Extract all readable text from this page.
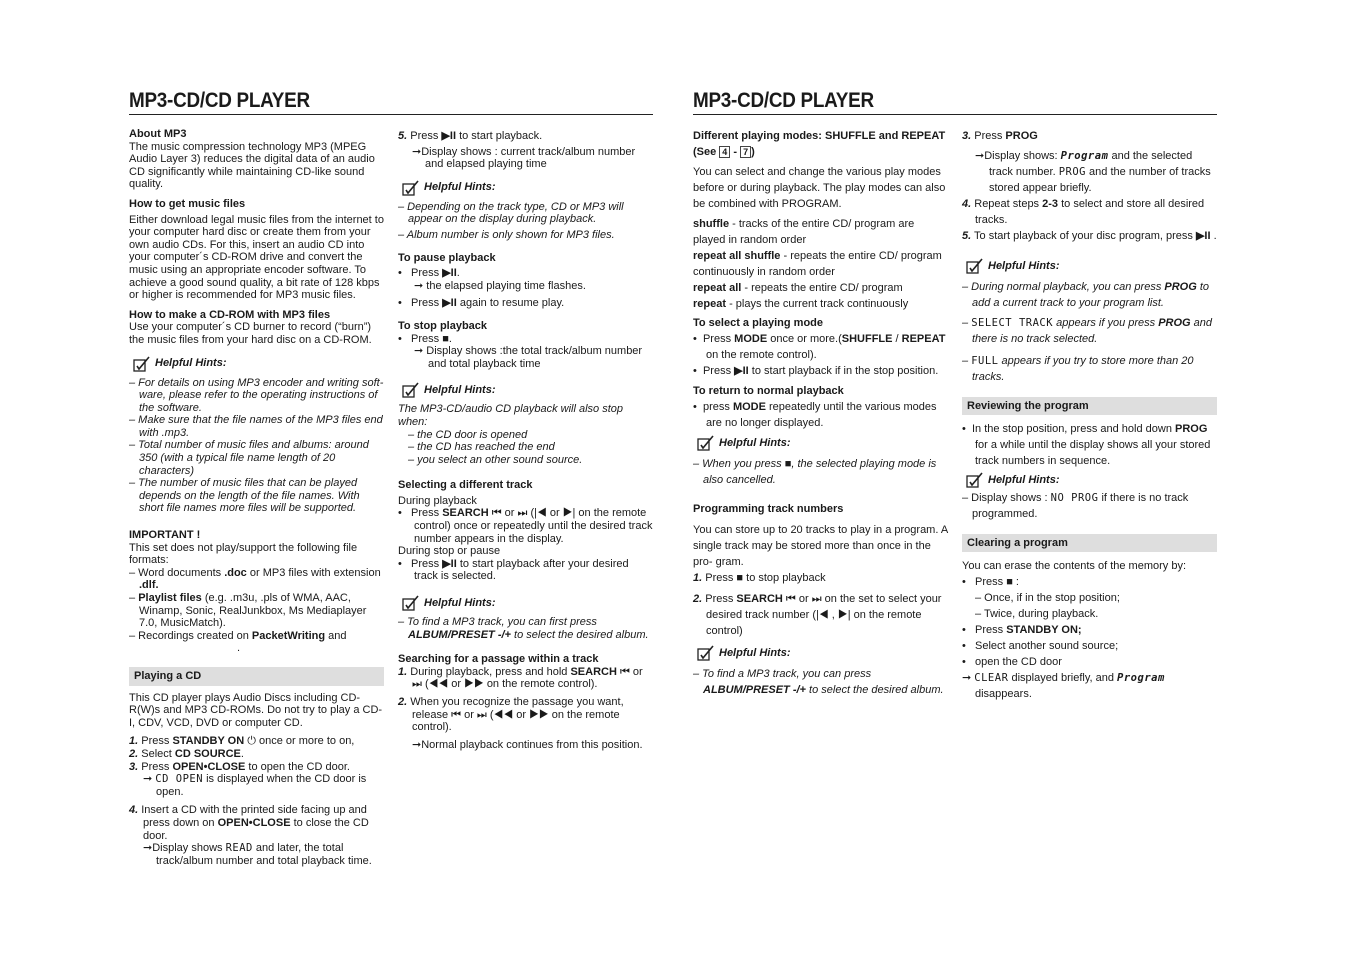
MP3-CD/CD PLAYER

About MP3

The music compression technology MP3 (MPEG Audio Layer 3) reduces the digital data of an audio CD significantly while maintaining CD-like sound quality.

How to get music files

Either download legal music files from the internet to your computer hard disc or create them from your own audio CDs. For this, insert an audio CD into your computer´s CD-ROM drive and convert the music using an appropriate encoder software. To achieve a good sound quality, a bit rate of 128 kbps or higher is recommended for MP3 music files.

How to make a CD-ROM with MP3 files

Use your computer´s CD burner to record (“burn”) the music files from your hard disc on a CD-ROM.

Helpful Hints:

– For details on using MP3 encoder and writing soft- ware, please refer to the operating instructions of the software.

– Make sure that the file names of the MP3 files end with .mp3.

– Total number of music files and albums: around 350 (with a typical file name length of 20 characters)

– The number of music files that can be played depends on the length of the file names. With short file names more files will be supported.

IMPORTANT !

This set does not play/support the following file formats:

– Word documents .doc or MP3 files with extension .dlf.

– Playlist files (e.g. .m3u, .pls of WMA, AAC, Winamp, Sonic, RealJunkbox, Ms Mediaplayer 7.0, MusicMatch).

– Recordings created on PacketWriting and

.

Playing a CD

This CD player plays Audio Discs including CD-R(W)s and MP3 CD-ROMs. Do not try to play a CD-I, CDV, VCD, DVD or computer CD.

1. Press STANDBY ON ⏻ once or more to on,

2. Select CD SOURCE.

3. Press OPEN•CLOSE to open the CD door.

➞ CD OPEN is displayed when the CD door is open.

4. Insert a CD with the printed side facing up and press down on OPEN•CLOSE to close the CD door.

➞Display shows READ and later, the total track/album number and total playback time.

5. Press ▶II to start playback.

➞Display shows : current track/album number and elapsed playing time

Helpful Hints:

– Depending on the track type, CD or MP3 will appear on the display during playback.

– Album number is only shown for MP3 files.

To pause playback

•   Press ▶II.

➞ the elapsed playing time flashes.

•   Press ▶II again to resume play.

To stop playback

•   Press ■.

➞ Display shows :the total track/album number and total playback time

Helpful Hints:

The MP3-CD/audio CD playback will also stop when:

– the CD door is opened

– the CD has reached the end

– you select an other sound source.

Selecting a different track

During playback

•   Press SEARCH ⏮ or ⏭ (|◀ or ▶| on the remote control) once or repeatedly until the desired track number appears in the display.

During stop or pause

•   Press ▶II to start playback after your desired track is selected.

Helpful Hints:

– To find a MP3 track, you can first press ALBUM/PRESET -/+ to select the desired album.

Searching for a passage within a track

1. During playback, press and hold SEARCH ⏮ or ⏭ (◀◀ or ▶▶ on the remote control).

2. When you recognize the passage you want, release ⏮ or ⏭ (◀◀ or ▶▶ on the remote control).

➞Normal playback continues from this position.

MP3-CD/CD PLAYER

Different playing modes: SHUFFLE and REPEAT
(See 4 - 7 )

You can select and change the various play modes before or during playback. The play modes can also be combined with PROGRAM.

shuffle - tracks of the entire CD/ program are played in random order

repeat all shuffle - repeats the entire CD/ program continuously in random order

repeat all - repeats the entire CD/ program

repeat - plays the current track continuously

To select a playing mode

•  Press MODE once or more.(SHUFFLE / REPEAT on the remote control).

•  Press ▶II to start playback if in the stop position.

To return to normal playback

•  press MODE repeatedly until the various modes are no longer displayed.

Helpful Hints:

– When you press ■, the selected playing mode is also cancelled.

Programming track numbers

You can store up to 20 tracks to play in a program. A single track may be stored more than once in the pro- gram.

1. Press ■ to stop playback

2. Press SEARCH ⏮ or ⏭ on the set to select your desired track number (|◀ , ▶| on the remote control)

Helpful Hints:

– To find a MP3 track, you can press ALBUM/PRESET -/+ to select the desired album.

3. Press PROG

➞Display shows: Program and the selected track number. PROG and the number of tracks stored appear briefly.

4. Repeat steps 2-3 to select and store all desired tracks.

5. To start playback of your disc program, press ▶II .

Helpful Hints:

– During normal playback, you can press PROG to add a current track to your program list.

– SELECT TRACK appears if you press PROG and there is no track selected.

– FULL appears if you try to store more than 20 tracks.

Reviewing the program

•  In the stop position, press and hold down PROG for a while until the display shows all your stored track numbers in sequence.

Helpful Hints:

– Display shows : NO PROG if there is no track programmed.

Clearing a program

You can erase the contents of the memory by:

•   Press ■ :

– Once, if in the stop position;

– Twice, during playback.

•   Press STANDBY ON;

•   Select another sound source;

•   open the CD door

➞ CLEAR displayed briefly, and Program disappears.
